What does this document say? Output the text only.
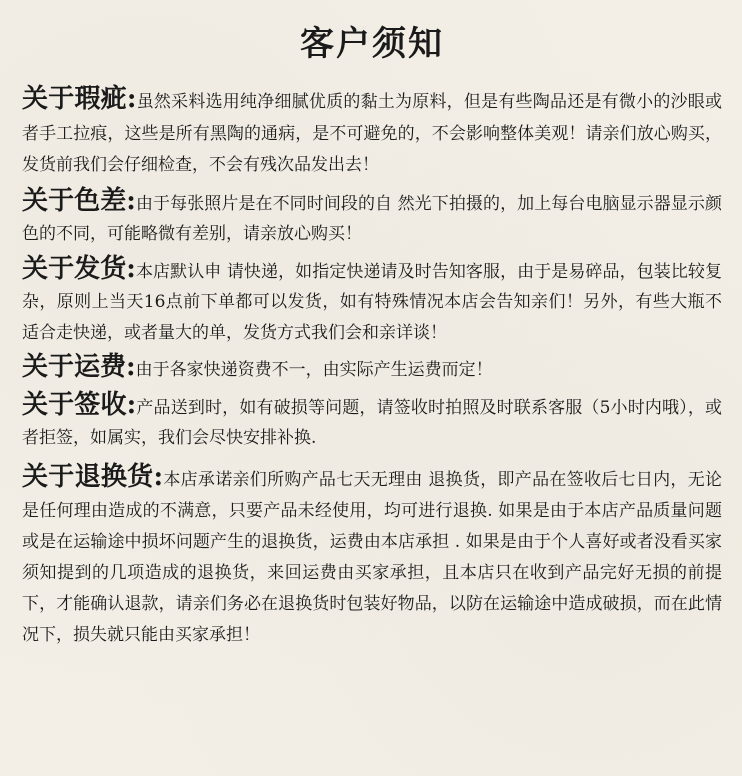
客户须知

关于瑕疵:虽然采料选用纯净细腻优质的黏土为原料，但是有些陶品还是有微小的沙眼或者手工拉痕，这些是所有黑陶的通病，是不可避免的，不会影响整体美观！请亲们放心购买，发货前我们会仔细检查，不会有残次品发出去！

关于色差:由于每张照片是在不同时间段的自 然光下拍摄的，加上每台电脑显示器显示颜色的不同，可能略微有差别，请亲放心购买！

关于发货:本店默认申 请快递，如指定快递请及时告知客服，由于是易碎品，包装比较复杂，原则上当天16点前下单都可以发货，如有特殊情况本店会告知亲们！另外，有些大瓶不适合走快递，或者量大的单，发货方式我们会和亲详谈！

关于运费:由于各家快递资费不一，由实际产生运费而定！

关于签收:产品送到时，如有破损等问题，请签收时拍照及时联系客服（5小时内哦），或者拒签，如属实，我们会尽快安排补换.

关于退换货:本店承诺亲们所购产品七天无理由 退换货，即产品在签收后七日内，无论是任何理由造成的不满意，只要产品未经使用，均可进行退换. 如果是由于本店产品质量问题或是在运输途中损坏问题产生的退换货，运费由本店承担 . 如果是由于个人喜好或者没看买家须知提到的几项造成的退换货，来回运费由买家承担，且本店只在收到产品完好无损的前提下，才能确认退款，请亲们务必在退换货时包装好物品，以防在运输途中造成破损，而在此情况下，损失就只能由买家承担！
